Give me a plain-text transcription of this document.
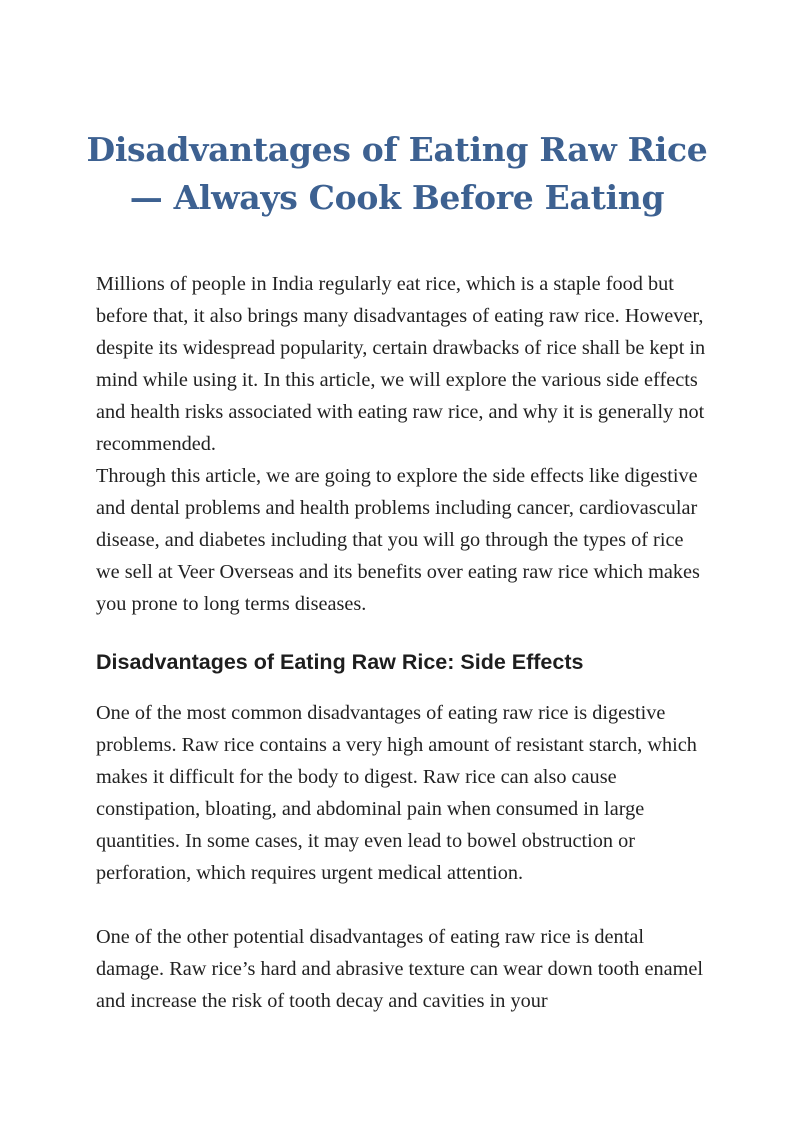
Disadvantages of Eating Raw Rice
— Always Cook Before Eating

Millions of people in India regularly eat rice, which is a staple food but before that, it also brings many disadvantages of eating raw rice. However, despite its widespread popularity, certain drawbacks of rice shall be kept in mind while using it. In this article, we will explore the various side effects and health risks associated with eating raw rice, and why it is generally not recommended.

Through this article, we are going to explore the side effects like digestive and dental problems and health problems including cancer, cardiovascular disease, and diabetes including that you will go through the types of rice we sell at Veer Overseas and its benefits over eating raw rice which makes you prone to long terms diseases.

Disadvantages of Eating Raw Rice: Side Effects

One of the most common disadvantages of eating raw rice is digestive problems. Raw rice contains a very high amount of resistant starch, which makes it difficult for the body to digest. Raw rice can also cause constipation, bloating, and abdominal pain when consumed in large quantities. In some cases, it may even lead to bowel obstruction or perforation, which requires urgent medical attention.

One of the other potential disadvantages of eating raw rice is dental damage. Raw rice’s hard and abrasive texture can wear down tooth enamel and increase the risk of tooth decay and cavities in your
